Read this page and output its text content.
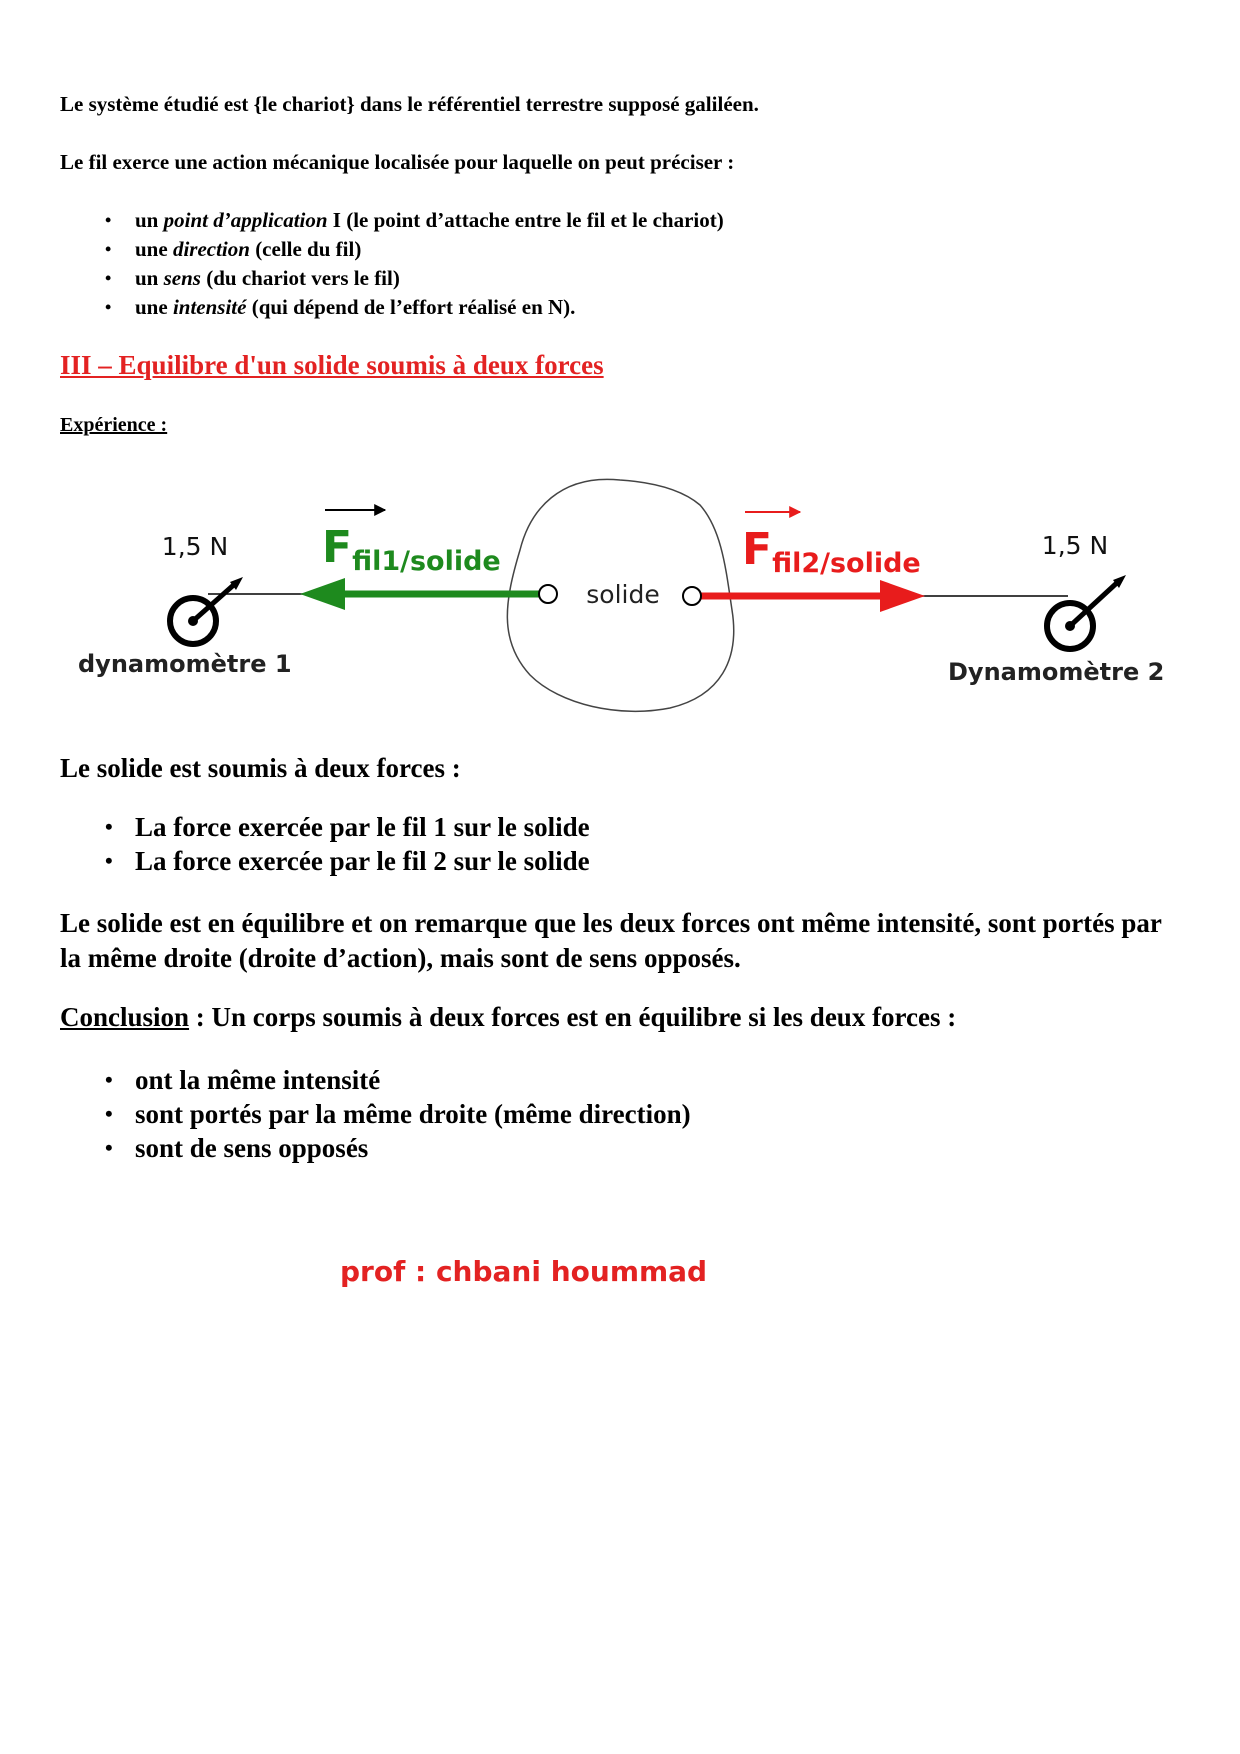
Le système étudié est {le chariot} dans le référentiel terrestre supposé galiléen.
Le fil exerce une action mécanique localisée pour laquelle on peut préciser :
• un point d’application I (le point d’attache entre le fil et le chariot)
• une direction (celle du fil)
• un sens (du chariot vers le fil)
• une intensité (qui dépend de l’effort réalisé en N).
III – Equilibre d'un solide soumis à deux forces
Expérience :
solide
Ffil1/solide	Ffil2/solide
1,5 N	1,5 N
dynamomètre 1	Dynamomètre 2
Le solide est soumis à deux forces :
• La force exercée par le fil 1 sur le solide
• La force exercée par le fil 2 sur le solide
Le solide est en équilibre et on remarque que les deux forces ont même intensité, sont portés par la même droite (droite d’action), mais sont de sens opposés.
Conclusion : Un corps soumis à deux forces est en équilibre si les deux forces :
• ont la même intensité
• sont portés par la même droite (même direction)
• sont de sens opposés
prof : chbani hoummad
